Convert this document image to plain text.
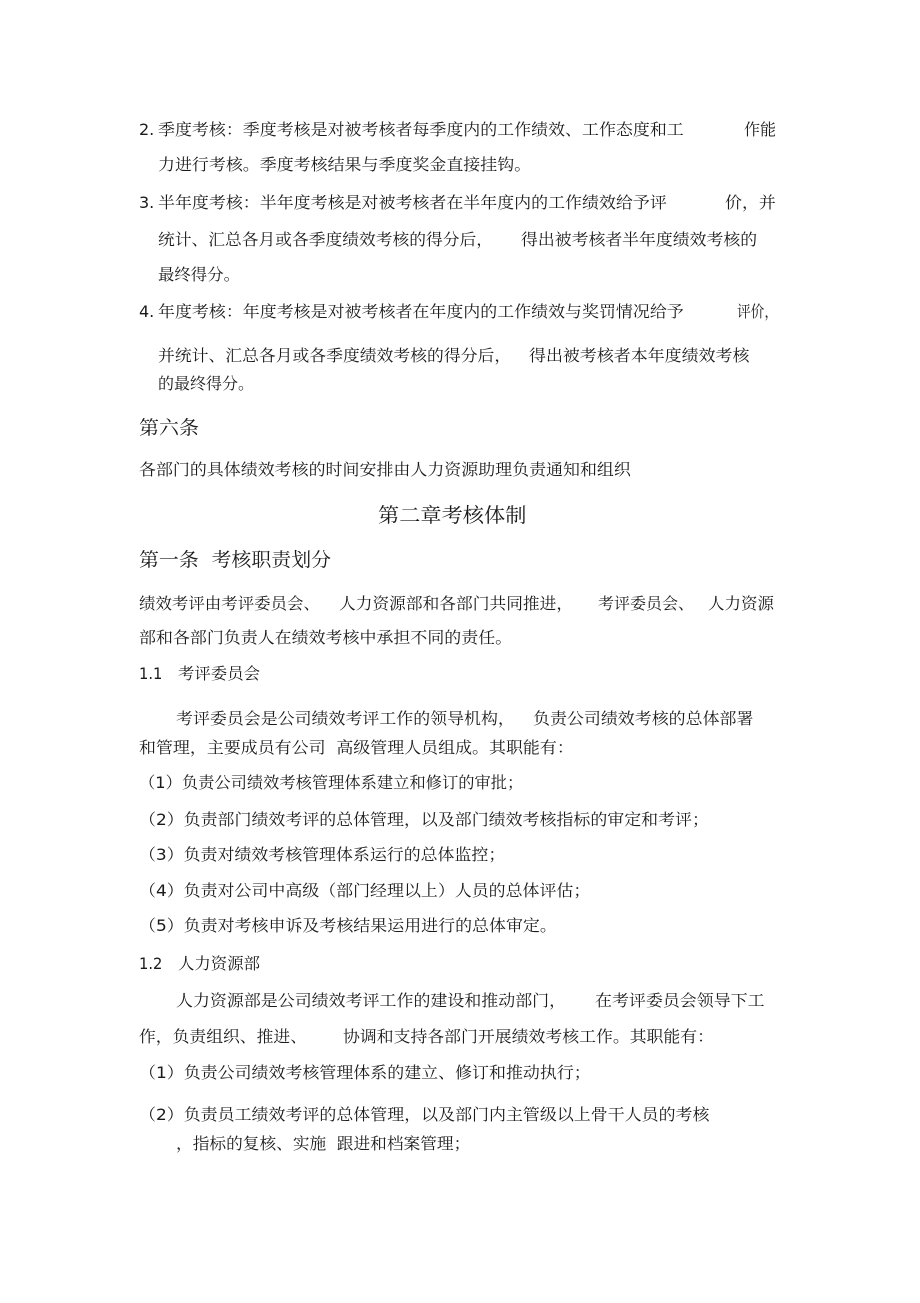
2. 季度考核：季度考核是对被考核者每季度内的工作绩效、工作态度和工	作能
力进行考核。季度考核结果与季度奖金直接挂钩。
3. 半年度考核：半年度考核是对被考核者在半年度内的工作绩效给予评	价，并
统计、汇总各月或各季度绩效考核的得分后， 得出被考核者半年度绩效考核的
最终得分。
4. 年度考核：年度考核是对被考核者在年度内的工作绩效与奖罚情况给予	评价，
并统计、汇总各月或各季度绩效考核的得分后， 得出被考核者本年度绩效考核
的最终得分。
第六条
各部门的具体绩效考核的时间安排由人力资源助理负责通知和组织
第二章考核体制
第一条  考核职责划分
绩效考评由考评委员会、 人力资源部和各部门共同推进， 考评委员会、 人力资源
部和各部门负责人在绩效考核中承担不同的责任。
1.1 考评委员会
考评委员会是公司绩效考评工作的领导机构， 负责公司绩效考核的总体部署
和管理，主要成员有公司  高级管理人员组成。其职能有：
（1）负责公司绩效考核管理体系建立和修订的审批；
（2）负责部门绩效考评的总体管理，以及部门绩效考核指标的审定和考评；
（3）负责对绩效考核管理体系运行的总体监控；
（4）负责对公司中高级（部门经理以上）人员的总体评估；
（5）负责对考核申诉及考核结果运用进行的总体审定。
1.2 人力资源部
人力资源部是公司绩效考评工作的建设和推动部门， 在考评委员会领导下工
作，负责组织、推进、 协调和支持各部门开展绩效考核工作。其职能有：
（1）负责公司绩效考核管理体系的建立、修订和推动执行；
（2）负责员工绩效考评的总体管理，以及部门内主管级以上骨干人员的考核
，指标的复核、实施  跟进和档案管理；
